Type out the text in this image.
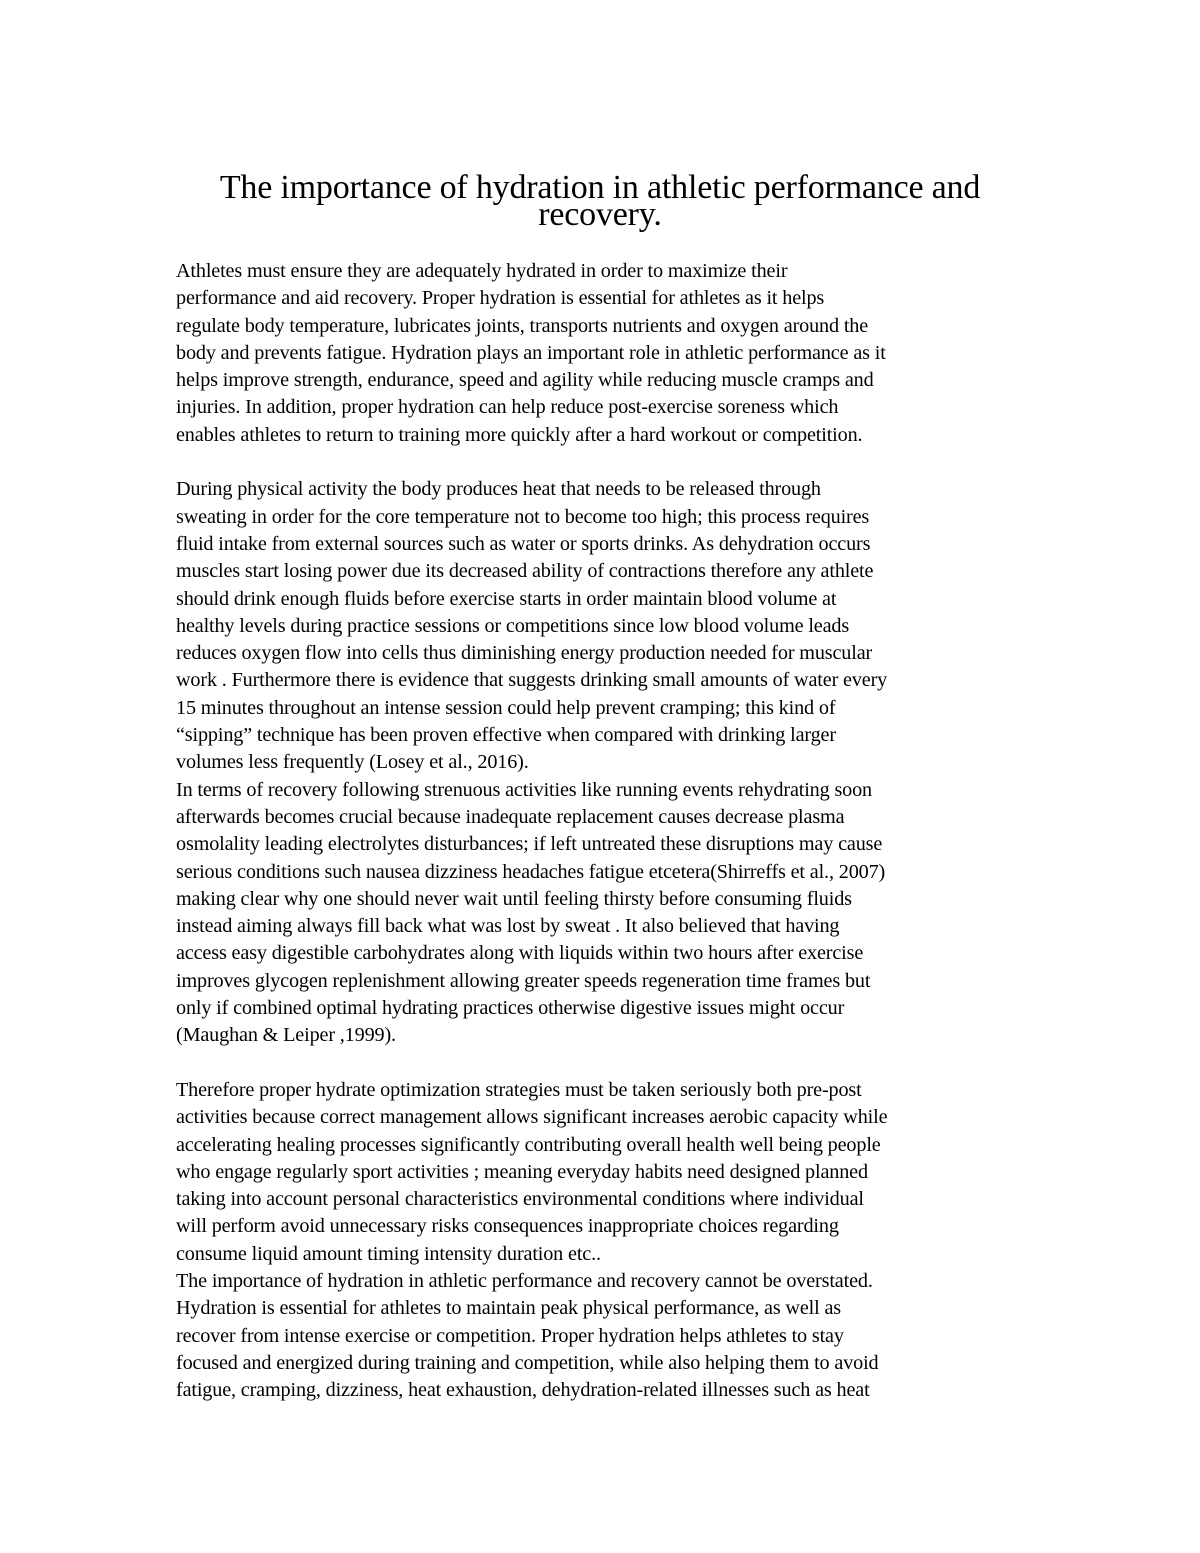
The importance of hydration in athletic performance and
recovery.
Athletes must ensure they are adequately hydrated in order to maximize their
performance and aid recovery. Proper hydration is essential for athletes as it helps
regulate body temperature, lubricates joints, transports nutrients and oxygen around the
body and prevents fatigue. Hydration plays an important role in athletic performance as it
helps improve strength, endurance, speed and agility while reducing muscle cramps and
injuries. In addition, proper hydration can help reduce post-exercise soreness which
enables athletes to return to training more quickly after a hard workout or competition.
During physical activity the body produces heat that needs to be released through
sweating in order for the core temperature not to become too high; this process requires
fluid intake from external sources such as water or sports drinks. As dehydration occurs
muscles start losing power due its decreased ability of contractions therefore any athlete
should drink enough fluids before exercise starts in order maintain blood volume at
healthy levels during practice sessions or competitions since low blood volume leads
reduces oxygen flow into cells thus diminishing energy production needed for muscular
work . Furthermore there is evidence that suggests drinking small amounts of water every
15 minutes throughout an intense session could help prevent cramping; this kind of
“sipping” technique has been proven effective when compared with drinking larger
volumes less frequently (Losey et al., 2016).
In terms of recovery following strenuous activities like running events rehydrating soon
afterwards becomes crucial because inadequate replacement causes decrease plasma
osmolality leading electrolytes disturbances; if left untreated these disruptions may cause
serious conditions such nausea dizziness headaches fatigue etcetera(Shirreffs et al., 2007)
making clear why one should never wait until feeling thirsty before consuming fluids
instead aiming always fill back what was lost by sweat . It also believed that having
access easy digestible carbohydrates along with liquids within two hours after exercise
improves glycogen replenishment allowing greater speeds regeneration time frames but
only if combined optimal hydrating practices otherwise digestive issues might occur
(Maughan & Leiper ,1999).
Therefore proper hydrate optimization strategies must be taken seriously both pre-post
activities because correct management allows significant increases aerobic capacity while
accelerating healing processes significantly contributing overall health well being people
who engage regularly sport activities ; meaning everyday habits need designed planned
taking into account personal characteristics environmental conditions where individual
will perform avoid unnecessary risks consequences inappropriate choices regarding
consume liquid amount timing intensity duration etc..
The importance of hydration in athletic performance and recovery cannot be overstated.
Hydration is essential for athletes to maintain peak physical performance, as well as
recover from intense exercise or competition. Proper hydration helps athletes to stay
focused and energized during training and competition, while also helping them to avoid
fatigue, cramping, dizziness, heat exhaustion, dehydration-related illnesses such as heat
